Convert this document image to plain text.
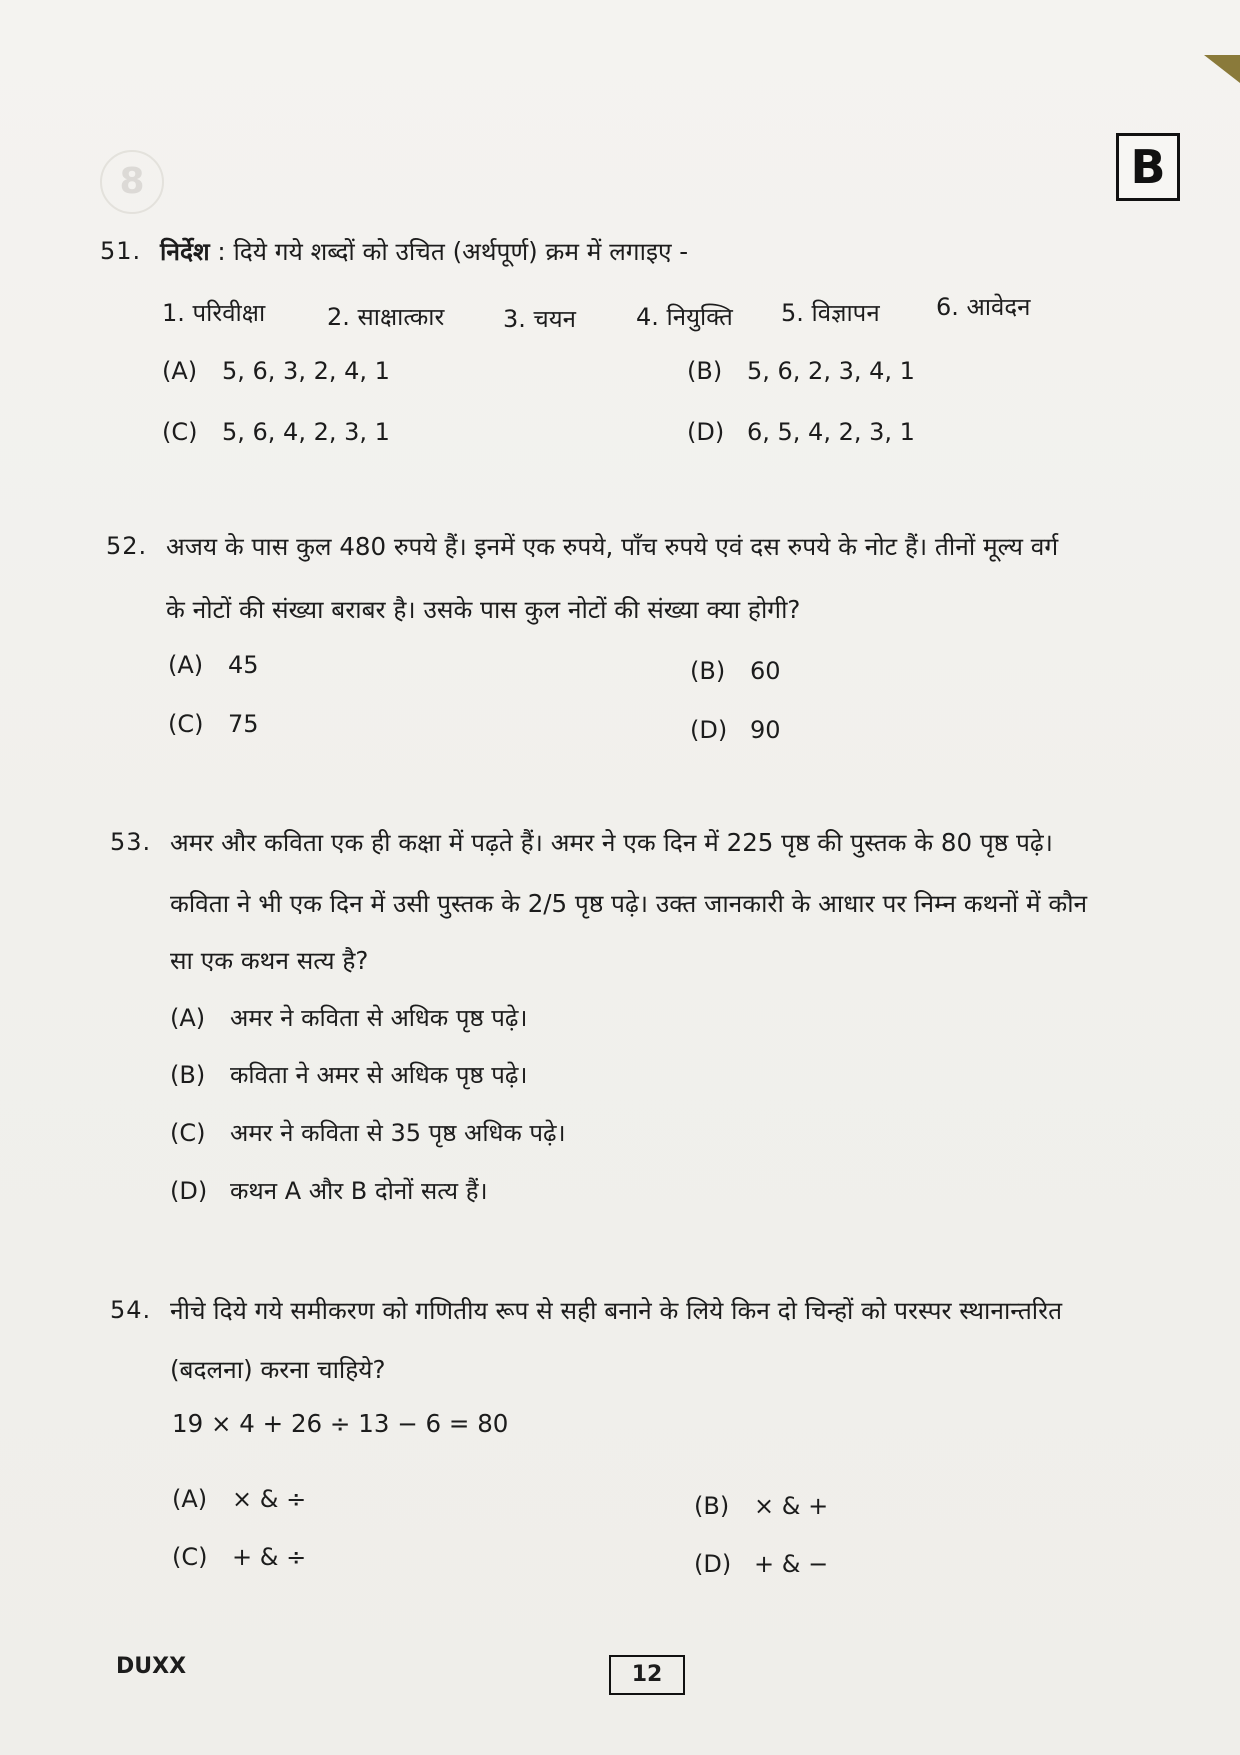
8	B
51. निर्देश : दिये गये शब्दों को उचित (अर्थपूर्ण) क्रम में लगाइए -
1. परिवीक्षा	2. साक्षात्कार 3. चयन 4. नियुक्ति 5. विज्ञापन 6. आवेदन
(A) 5, 6, 3, 2, 4, 1	(B) 5, 6, 2, 3, 4, 1
(C) 5, 6, 4, 2, 3, 1	(D) 6, 5, 4, 2, 3, 1
52. अजय के पास कुल 480 रुपये हैं। इनमें एक रुपये, पाँच रुपये एवं दस रुपये के नोट हैं। तीनों मूल्य वर्ग
के नोटों की संख्या बराबर है। उसके पास कुल नोटों की संख्या क्या होगी?
(A) 45	(B) 60
(C) 75	(D) 90
53. अमर और कविता एक ही कक्षा में पढ़ते हैं। अमर ने एक दिन में 225 पृष्ठ की पुस्तक के 80 पृष्ठ पढ़े।
कविता ने भी एक दिन में उसी पुस्तक के 2/5 पृष्ठ पढ़े। उक्त जानकारी के आधार पर निम्न कथनों में कौन
सा एक कथन सत्य है?
(A) अमर ने कविता से अधिक पृष्ठ पढ़े।
(B) कविता ने अमर से अधिक पृष्ठ पढ़े।
(C) अमर ने कविता से 35 पृष्ठ अधिक पढ़े।
(D) कथन A और B दोनों सत्य हैं।
54. नीचे दिये गये समीकरण को गणितीय रूप से सही बनाने के लिये किन दो चिन्हों को परस्पर स्थानान्तरित
(बदलना) करना चाहिये?
19 × 4 + 26 ÷ 13 − 6 = 80
(A) × & ÷	(B) × & +
(C) + & ÷	(D) + & −
DUXX	12
